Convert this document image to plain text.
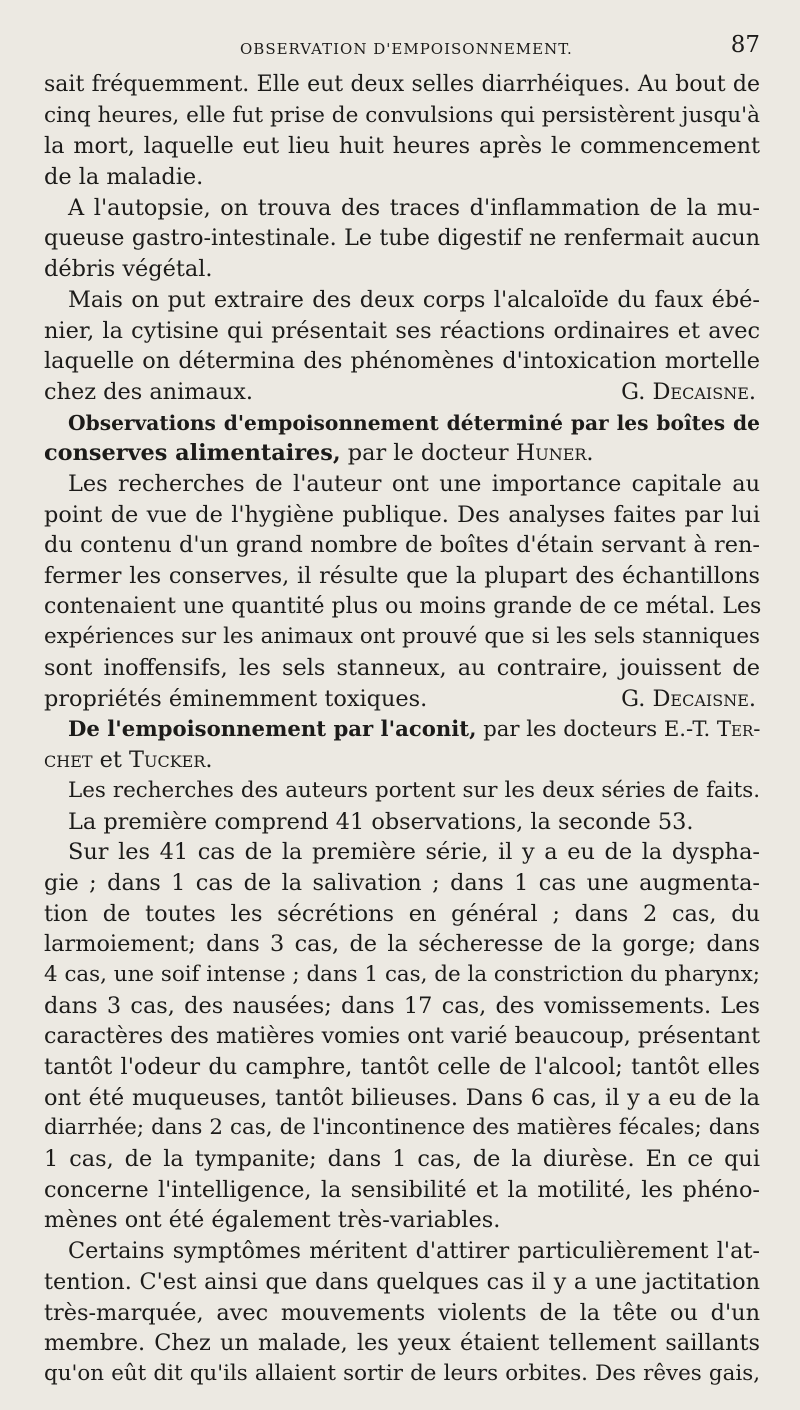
OBSERVATION D'EMPOISONNEMENT.	87
sait fréquemment. Elle eut deux selles diarrhéiques. Au bout de
cinq heures, elle fut prise de convulsions qui persistèrent jusqu'à
la mort, laquelle eut lieu huit heures après le commencement
de la maladie.
A l'autopsie, on trouva des traces d'inflammation de la mu-
queuse gastro-intestinale. Le tube digestif ne renfermait aucun
débris végétal.
Mais on put extraire des deux corps l'alcaloïde du faux ébé-
nier, la cytisine qui présentait ses réactions ordinaires et avec
laquelle on détermina des phénomènes d'intoxication mortelle
chez des animaux.	G. Decaisne.
Observations d'empoisonnement déterminé par les boîtes de
conserves alimentaires, par le docteur Huner.
Les recherches de l'auteur ont une importance capitale au
point de vue de l'hygiène publique. Des analyses faites par lui
du contenu d'un grand nombre de boîtes d'étain servant à ren-
fermer les conserves, il résulte que la plupart des échantillons
contenaient une quantité plus ou moins grande de ce métal. Les
expériences sur les animaux ont prouvé que si les sels stanniques
sont inoffensifs, les sels stanneux, au contraire, jouissent de
propriétés éminemment toxiques.	G. Decaisne.
De l'empoisonnement par l'aconit, par les docteurs E.-T. Ter-
chet et Tucker.
Les recherches des auteurs portent sur les deux séries de faits.
La première comprend 41 observations, la seconde 53.
Sur les 41 cas de la première série, il y a eu de la dyspha-
gie ; dans 1 cas de la salivation ; dans 1 cas une augmenta-
tion de toutes les sécrétions en général ; dans 2 cas, du
larmoiement; dans 3 cas, de la sécheresse de la gorge; dans
4 cas, une soif intense ; dans 1 cas, de la constriction du pharynx;
dans 3 cas, des nausées; dans 17 cas, des vomissements. Les
caractères des matières vomies ont varié beaucoup, présentant
tantôt l'odeur du camphre, tantôt celle de l'alcool; tantôt elles
ont été muqueuses, tantôt bilieuses. Dans 6 cas, il y a eu de la
diarrhée; dans 2 cas, de l'incontinence des matières fécales; dans
1 cas, de la tympanite; dans 1 cas, de la diurèse. En ce qui
concerne l'intelligence, la sensibilité et la motilité, les phéno-
mènes ont été également très-variables.
Certains symptômes méritent d'attirer particulièrement l'at-
tention. C'est ainsi que dans quelques cas il y a une jactitation
très-marquée, avec mouvements violents de la tête ou d'un
membre. Chez un malade, les yeux étaient tellement saillants
qu'on eût dit qu'ils allaient sortir de leurs orbites. Des rêves gais,
